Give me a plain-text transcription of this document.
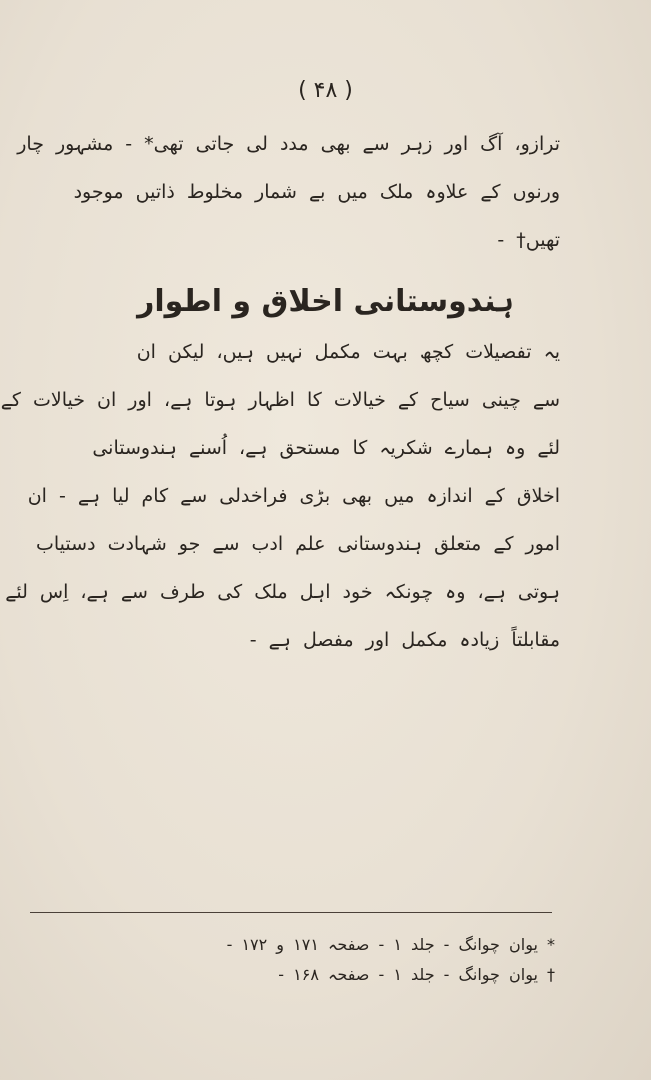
( ۴۸ )
ترازو، آگ اور زہر سے بھی مدد لی جاتی تھی* - مشہور چار
ورنوں کے علاوہ ملک میں بے شمار مخلوط ذاتیں موجود
تھیں† -
ہندوستانی اخلاق و اطوار
یہ تفصیلات کچھ بہت مکمل نہیں ہیں، لیکن ان
سے چینی سیاح کے خیالات کا اظہار ہوتا ہے، اور ان خیالات کے
لئے وہ ہمارے شکریہ کا مستحق ہے، اُسنے ہندوستانی
اخلاق کے اندازہ میں بھی بڑی فراخدلی سے کام لیا ہے - ان
امور کے متعلق ہندوستانی علم ادب سے جو شہادت دستیاب
ہوتی ہے، وہ چونکہ خود اہل ملک کی طرف سے ہے، اِس لئے
مقابلتاً زیادہ مکمل اور مفصل ہے -
* یوان چوانگ - جلد ۱ - صفحہ ۱۷۱ و ۱۷۲ -
† یوان چوانگ - جلد ۱ - صفحہ ۱۶۸ -
